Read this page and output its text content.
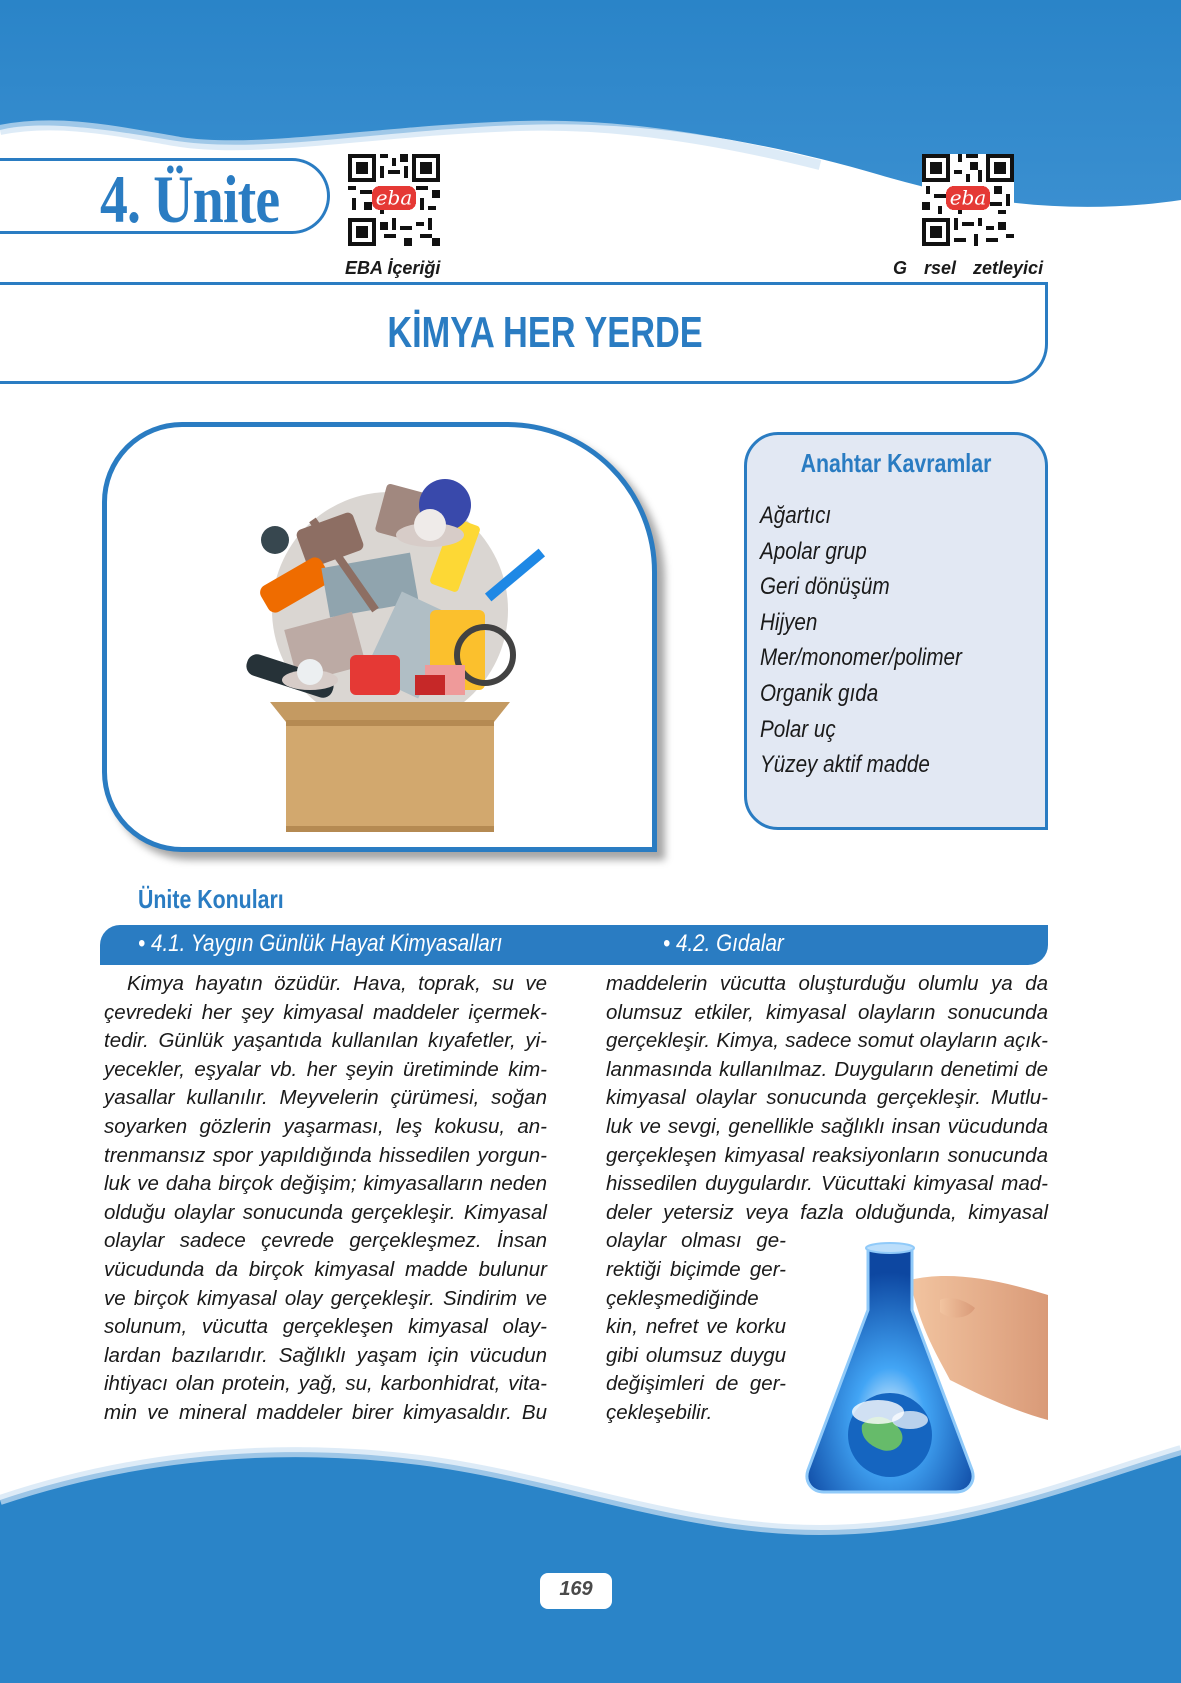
4. Ünite	eba
EBA İçeriği
eba
G rsel zetleyici
KİMYA HER YERDE
Anahtar Kavramlar
Ağartıcı
Apolar grup
Geri dönüşüm
Hijyen
Mer/monomer/polimer
Organik gıda
Polar uç
Yüzey aktif madde
Ünite Konuları
• 4.1. Yaygın Günlük Hayat Kimyasalları	• 4.2. Gıdalar
Kimya hayatın özüdür. Hava, toprak, su ve
çevredeki her şey kimyasal maddeler içermek-
tedir. Günlük yaşantıda kullanılan kıyafetler, yi-
yecekler, eşyalar vb. her şeyin üretiminde kim-
yasallar kullanılır. Meyvelerin çürümesi, soğan
soyarken gözlerin yaşarması, leş kokusu, an-
trenmansız spor yapıldığında hissedilen yorgun-
luk ve daha birçok değişim; kimyasalların neden
olduğu olaylar sonucunda gerçekleşir. Kimyasal
olaylar sadece çevrede gerçekleşmez. İnsan
vücudunda da birçok kimyasal madde bulunur
ve birçok kimyasal olay gerçekleşir. Sindirim ve
solunum, vücutta gerçekleşen kimyasal olay-
lardan bazılarıdır. Sağlıklı yaşam için vücudun
ihtiyacı olan protein, yağ, su, karbonhidrat, vita-
min ve mineral maddeler birer kimyasaldır. Bu
maddelerin vücutta oluşturduğu olumlu ya da
olumsuz etkiler, kimyasal olayların sonucunda
gerçekleşir. Kimya, sadece somut olayların açık-
lanmasında kullanılmaz. Duyguların denetimi de
kimyasal olaylar sonucunda gerçekleşir. Mutlu-
luk ve sevgi, genellikle sağlıklı insan vücudunda
gerçekleşen kimyasal reaksiyonların sonucunda
hissedilen duygulardır. Vücuttaki kimyasal mad-
deler yetersiz veya fazla olduğunda, kimyasal
olaylar olması ge-
rektiği biçimde ger-
çekleşmediğinde
kin, nefret ve korku
gibi olumsuz duygu
değişimleri de ger-
çekleşebilir.
169
